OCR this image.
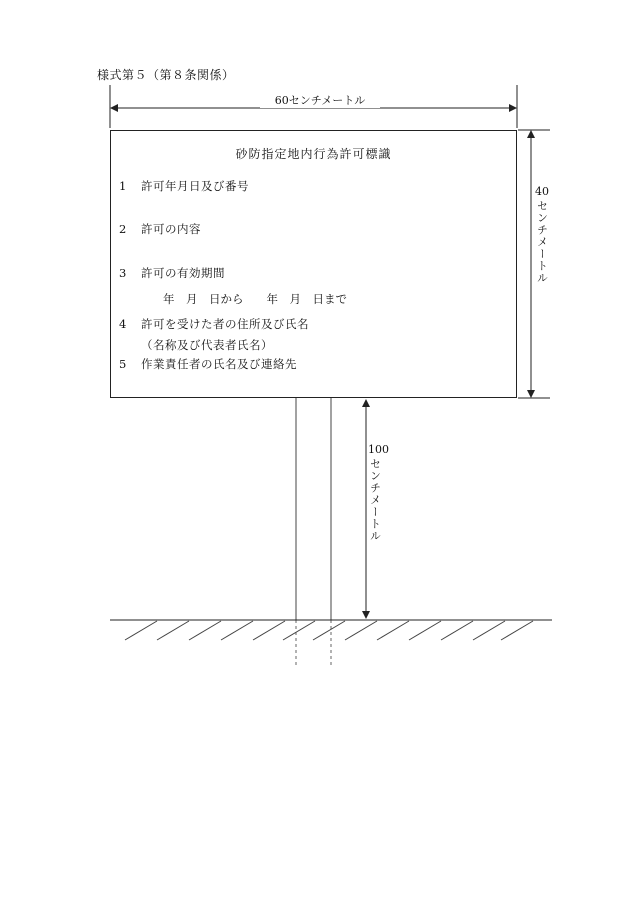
様式第５（第８条関係）
60センチメートル
40
センチメートル
100
センチメートル
砂防指定地内行為許可標識
1 許可年月日及び番号
2 許可の内容
3 許可の有効期間
年　月　日から　　年　月　日まで
4 許可を受けた者の住所及び氏名
（名称及び代表者氏名）
5 作業責任者の氏名及び連絡先
